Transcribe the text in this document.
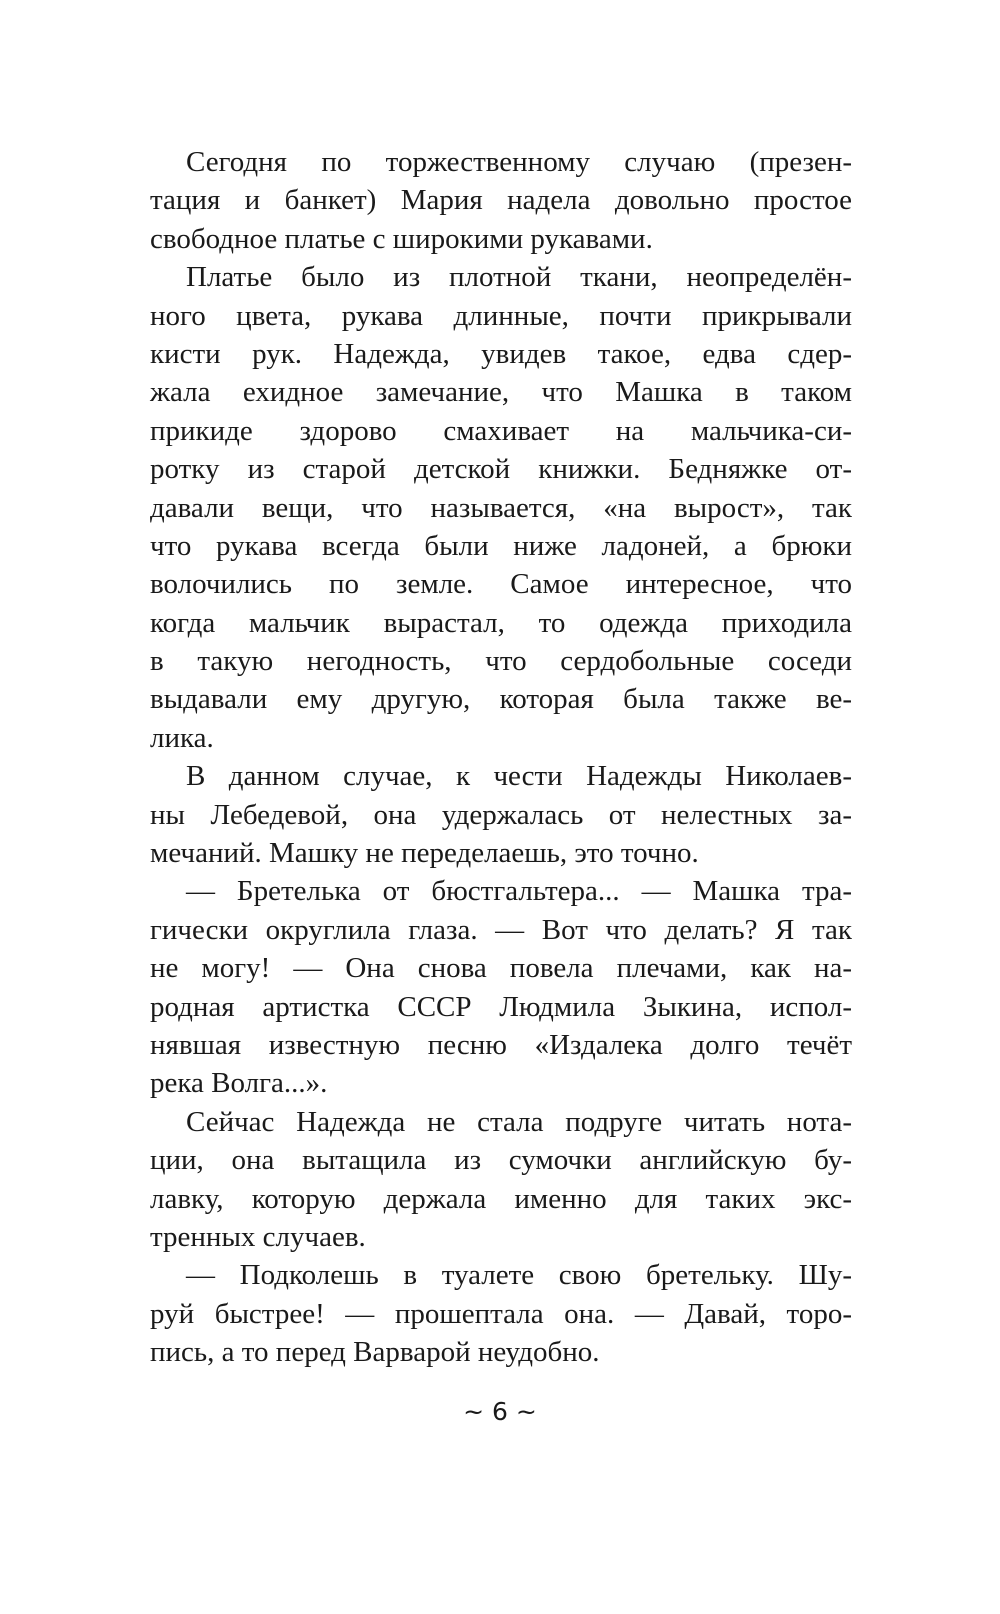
Сегодня по торжественному случаю (презен-
тация и банкет) Мария надела довольно простое
свободное платье с широкими рукавами.
Платье было из плотной ткани, неопределён-
ного цвета, рукава длинные, почти прикрывали
кисти рук. Надежда, увидев такое, едва сдер-
жала ехидное замечание, что Машка в таком
прикиде здорово смахивает на мальчика-си-
ротку из старой детской книжки. Бедняжке от-
давали вещи, что называется, «на вырост», так
что рукава всегда были ниже ладоней, а брюки
волочились по земле. Самое интересное, что
когда мальчик вырастал, то одежда приходила
в такую негодность, что сердобольные соседи
выдавали ему другую, которая была также ве-
лика.
В данном случае, к чести Надежды Николаев-
ны Лебедевой, она удержалась от нелестных за-
мечаний. Машку не переделаешь, это точно.
— Бретелька от бюстгальтера... — Машка тра-
гически округлила глаза. — Вот что делать? Я так
не могу! — Она снова повела плечами, как на-
родная артистка СССР Людмила Зыкина, испол-
нявшая известную песню «Издалека долго течёт
река Волга...».
Сейчас Надежда не стала подруге читать нота-
ции, она вытащила из сумочки английскую бу-
лавку, которую держала именно для таких экс-
тренных случаев.
— Подколешь в туалете свою бретельку. Шу-
руй быстрее! — прошептала она. — Давай, торо-
пись, а то перед Варварой неудобно.
~ 6 ~
